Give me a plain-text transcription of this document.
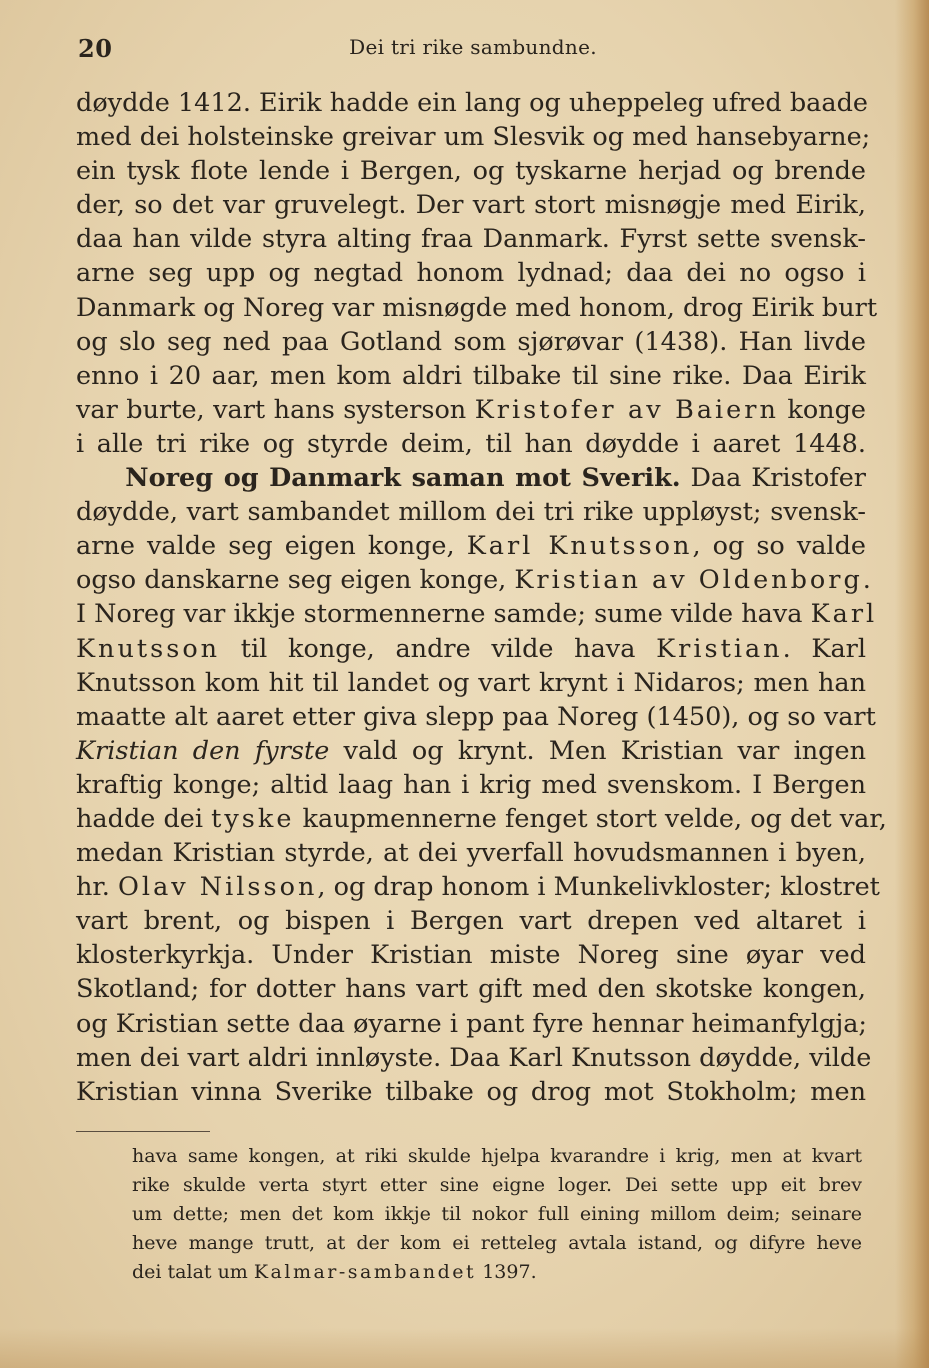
20	Dei tri rike sambundne.
døydde 1412. Eirik hadde ein lang og uheppeleg ufred baade
med dei holsteinske greivar um Slesvik og med hansebyarne;
ein tysk flote lende i Bergen, og tyskarne herjad og brende
der, so det var gruvelegt. Der vart stort misnøgje med Eirik,
daa han vilde styra alting fraa Danmark. Fyrst sette svensk-
arne seg upp og negtad honom lydnad; daa dei no ogso i
Danmark og Noreg var misnøgde med honom, drog Eirik burt
og slo seg ned paa Gotland som sjørøvar (1438). Han livde
enno i 20 aar, men kom aldri tilbake til sine rike. Daa Eirik
var burte, vart hans systerson Kristofer av Baiern konge
i alle tri rike og styrde deim, til han døydde i aaret 1448.
Noreg og Danmark saman mot Sverik. Daa Kristofer
døydde, vart sambandet millom dei tri rike uppløyst; svensk-
arne valde seg eigen konge, Karl Knutsson, og so valde
ogso danskarne seg eigen konge, Kristian av Oldenborg.
I Noreg var ikkje stormennerne samde; sume vilde hava Karl
Knutsson til konge, andre vilde hava Kristian. Karl
Knutsson kom hit til landet og vart krynt i Nidaros; men han
maatte alt aaret etter giva slepp paa Noreg (1450), og so vart
Kristian den fyrste vald og krynt. Men Kristian var ingen
kraftig konge; altid laag han i krig med svenskom. I Bergen
hadde dei tyske kaupmennerne fenget stort velde, og det var,
medan Kristian styrde, at dei yverfall hovudsmannen i byen,
hr. Olav Nilsson, og drap honom i Munkelivkloster; klostret
vart brent, og bispen i Bergen vart drepen ved altaret i
klosterkyrkja. Under Kristian miste Noreg sine øyar ved
Skotland; for dotter hans vart gift med den skotske kongen,
og Kristian sette daa øyarne i pant fyre hennar heimanfylgja;
men dei vart aldri innløyste. Daa Karl Knutsson døydde, vilde
Kristian vinna Sverike tilbake og drog mot Stokholm; men
hava same kongen, at riki skulde hjelpa kvarandre i krig, men at kvart
rike skulde verta styrt etter sine eigne loger. Dei sette upp eit brev
um dette; men det kom ikkje til nokor full eining millom deim; seinare
heve mange trutt, at der kom ei retteleg avtala istand, og difyre heve
dei talat um Kalmar-sambandet 1397.
